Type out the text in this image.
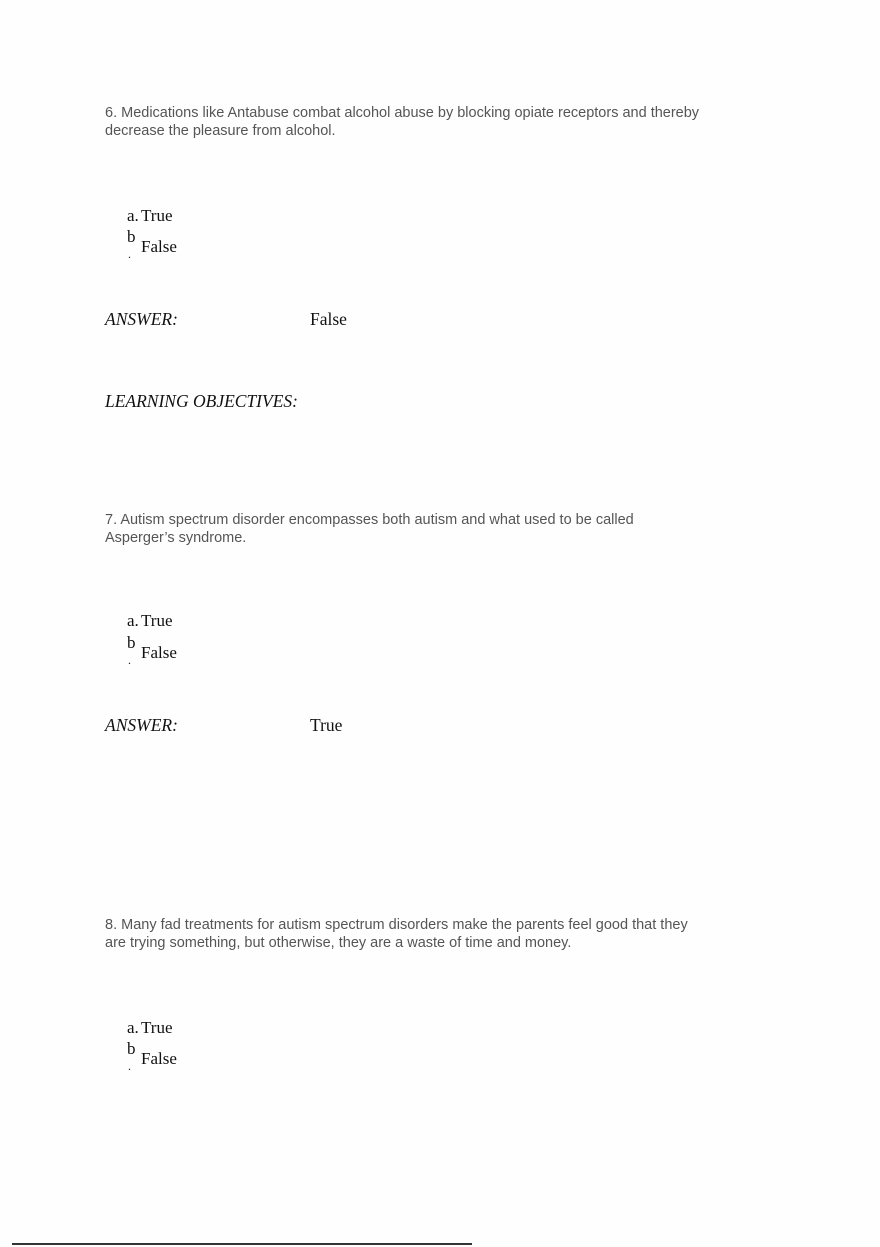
6. Medications like Antabuse combat alcohol abuse by blocking opiate receptors and thereby decrease the pleasure from alcohol.
a. True
b
False
.
ANSWER:	False
LEARNING OBJECTIVES:
7. Autism spectrum disorder encompasses both autism and what used to be called Asperger’s syndrome.
a. True
b
False
.
ANSWER:	True
8. Many fad treatments for autism spectrum disorders make the parents feel good that they are trying something, but otherwise, they are a waste of time and money.
a. True
b
False
.
